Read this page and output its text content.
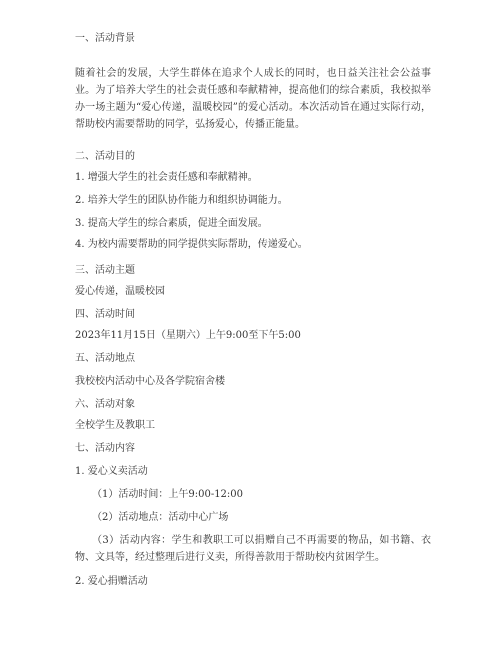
一、活动背景
随着社会的发展，大学生群体在追求个人成长的同时，也日益关注社会公益事业。为了培养大学生的社会责任感和奉献精神，提高他们的综合素质，我校拟举办一场主题为“爱心传递，温暖校园”的爱心活动。本次活动旨在通过实际行动，帮助校内需要帮助的同学，弘扬爱心，传播正能量。
二、活动目的
1. 增强大学生的社会责任感和奉献精神。
2. 培养大学生的团队协作能力和组织协调能力。
3. 提高大学生的综合素质，促进全面发展。
4. 为校内需要帮助的同学提供实际帮助，传递爱心。
三、活动主题
爱心传递，温暖校园
四、活动时间
2023年11月15日（星期六）上午9:00至下午5:00
五、活动地点
我校校内活动中心及各学院宿舍楼
六、活动对象
全校学生及教职工
七、活动内容
1. 爱心义卖活动
（1）活动时间：上午9:00-12:00
（2）活动地点：活动中心广场
（3）活动内容：学生和教职工可以捐赠自己不再需要的物品，如书籍、衣物、文具等，经过整理后进行义卖，所得善款用于帮助校内贫困学生。
2. 爱心捐赠活动
